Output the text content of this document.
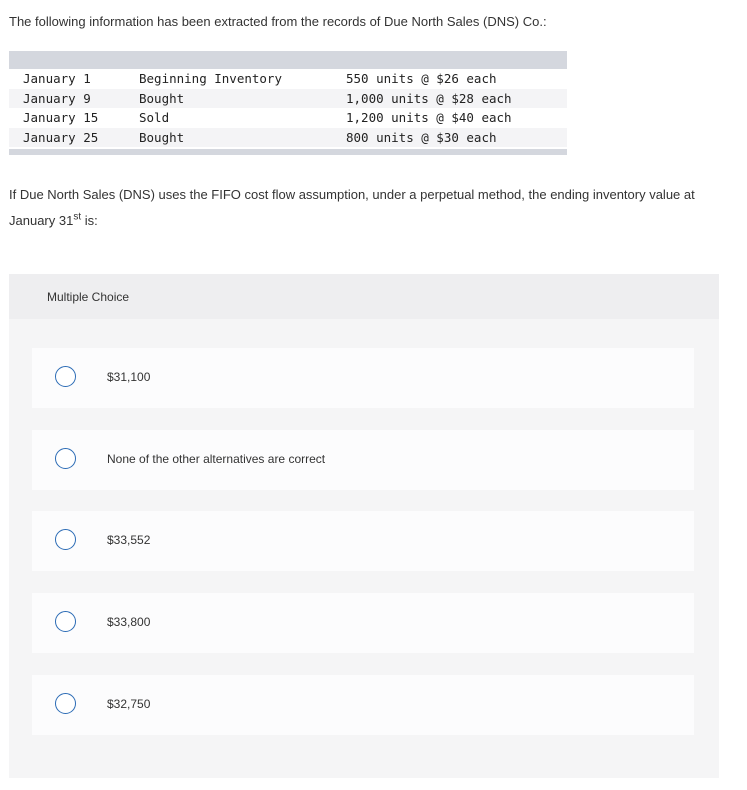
The following information has been extracted from the records of Due North Sales (DNS) Co.:

January 1	Beginning Inventory	550 units @ $26 each
January 9	Bought	1,000 units @ $28 each
January 15	Sold	1,200 units @ $40 each
January 25	Bought	800 units @ $30 each

If Due North Sales (DNS) uses the FIFO cost flow assumption, under a perpetual method, the ending inventory value at January 31st is:

Multiple Choice
$31,100
None of the other alternatives are correct
$33,552
$33,800
$32,750
